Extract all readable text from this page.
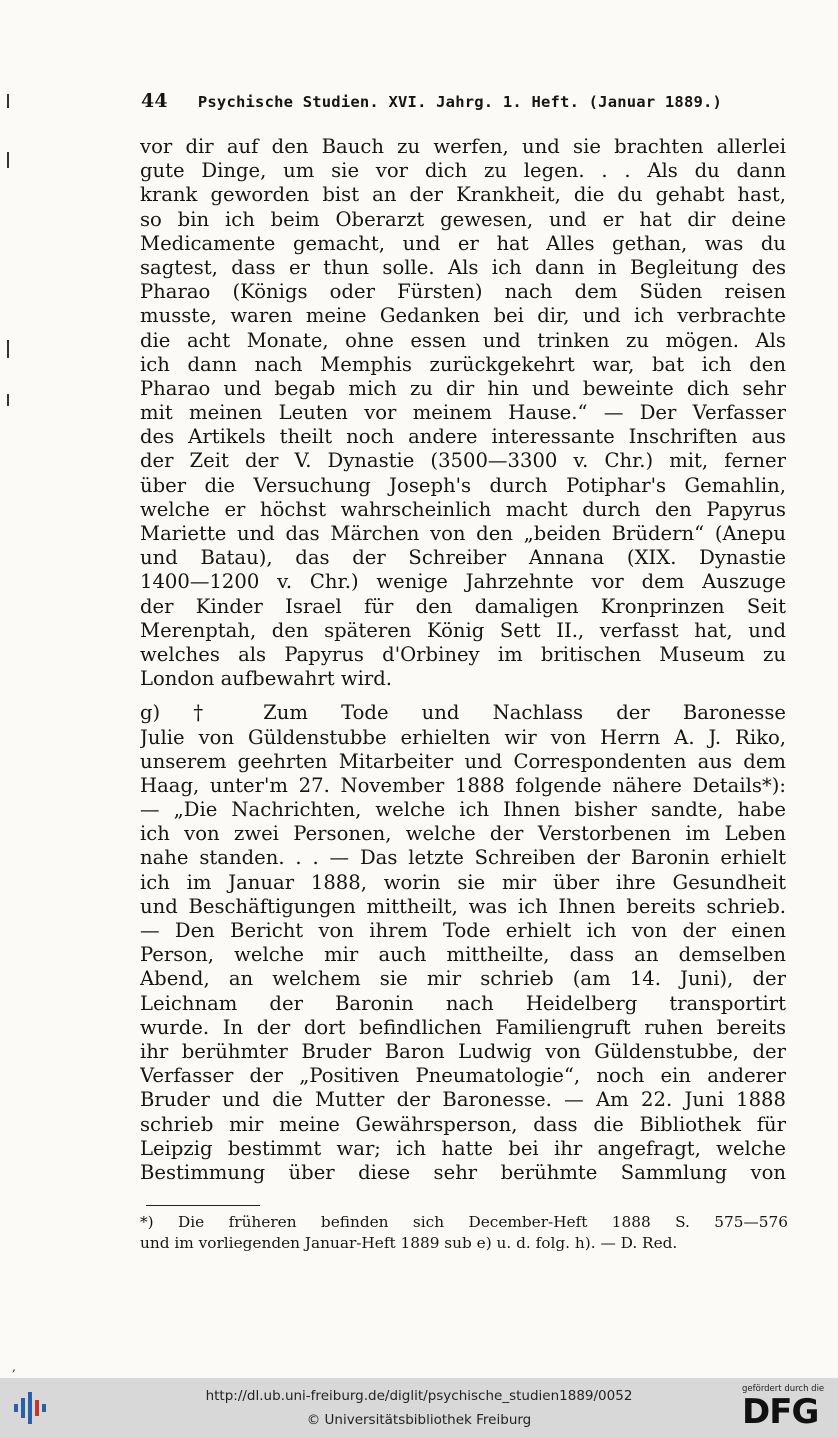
44 Psychische Studien. XVI. Jahrg. 1. Heft. (Januar 1889.)
vor dir auf den Bauch zu werfen, und sie brachten allerlei
gute Dinge, um sie vor dich zu legen. . . Als du dann
krank geworden bist an der Krankheit, die du gehabt hast,
so bin ich beim Oberarzt gewesen, und er hat dir deine
Medicamente gemacht, und er hat Alles gethan, was du
sagtest, dass er thun solle. Als ich dann in Begleitung des
Pharao (Königs oder Fürsten) nach dem Süden reisen
musste, waren meine Gedanken bei dir, und ich verbrachte
die acht Monate, ohne essen und trinken zu mögen. Als
ich dann nach Memphis zurückgekehrt war, bat ich den
Pharao und begab mich zu dir hin und beweinte dich sehr
mit meinen Leuten vor meinem Hause.“ — Der Verfasser
des Artikels theilt noch andere interessante Inschriften aus
der Zeit der V. Dynastie (3500—3300 v. Chr.) mit, ferner
über die Versuchung Joseph's durch Potiphar's Gemahlin,
welche er höchst wahrscheinlich macht durch den Papyrus
Mariette und das Märchen von den „beiden Brüdern“ (Anepu
und Batau), das der Schreiber Annana (XIX. Dynastie
1400—1200 v. Chr.) wenige Jahrzehnte vor dem Auszuge
der Kinder Israel für den damaligen Kronprinzen Seit
Merenptah, den späteren König Sett II., verfasst hat, und
welches als Papyrus d'Orbiney im britischen Museum zu
London aufbewahrt wird.
g) † Zum Tode und Nachlass der Baronesse
Julie von Güldenstubbe erhielten wir von Herrn A. J. Riko,
unserem geehrten Mitarbeiter und Correspondenten aus dem
Haag, unter'm 27. November 1888 folgende nähere Details*):
— „Die Nachrichten, welche ich Ihnen bisher sandte, habe
ich von zwei Personen, welche der Verstorbenen im Leben
nahe standen. . . — Das letzte Schreiben der Baronin erhielt
ich im Januar 1888, worin sie mir über ihre Gesundheit
und Beschäftigungen mittheilt, was ich Ihnen bereits schrieb.
— Den Bericht von ihrem Tode erhielt ich von der einen
Person, welche mir auch mittheilte, dass an demselben
Abend, an welchem sie mir schrieb (am 14. Juni), der
Leichnam der Baronin nach Heidelberg transportirt
wurde. In der dort befindlichen Familiengruft ruhen bereits
ihr berühmter Bruder Baron Ludwig von Güldenstubbe, der
Verfasser der „Positiven Pneumatologie“, noch ein anderer
Bruder und die Mutter der Baronesse. — Am 22. Juni 1888
schrieb mir meine Gewährsperson, dass die Bibliothek für
Leipzig bestimmt war; ich hatte bei ihr angefragt, welche
Bestimmung über diese sehr berühmte Sammlung von
*) Die früheren befinden sich December-Heft 1888 S. 575—576
und im vorliegenden Januar-Heft 1889 sub e) u. d. folg. h). — D. Red.
,
http://dl.ub.uni-freiburg.de/diglit/psychische_studien1889/0052
© Universitätsbibliothek Freiburg
gefördert durch die
DFG
